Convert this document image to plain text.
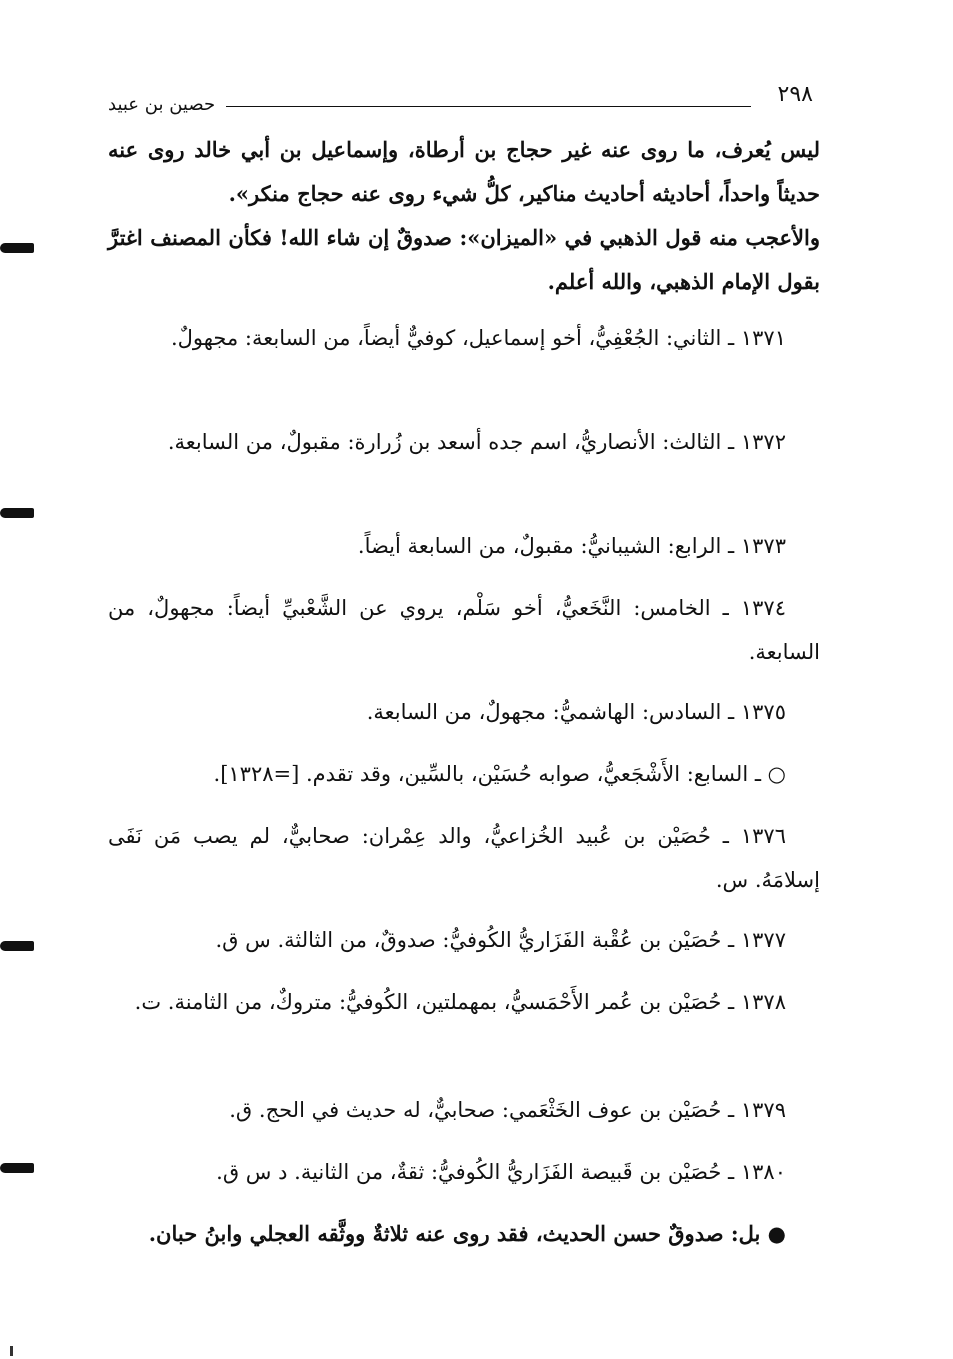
٢٩٨
حصين بن عبيد
ليس يُعرف، ما روى عنه غير حجاج بن أرطاة، وإسماعيل بن أبي خالد روى عنه حديثاً واحداً، أحاديثه أحاديث مناكير، كلُّ شيء روى عنه حجاج منكر».
والأعجب منه قول الذهبي في «الميزان»: صدوقٌ إن شاء الله! فكأن المصنف اغترَّ بقول الإمام الذهبي، والله أعلم.
١٣٧١ ـ الثاني: الجُعْفِيُّ، أخو إسماعيل، كوفيٌّ أيضاً، من السابعة: مجهولٌ.
١٣٧٢ ـ الثالث: الأنصاريُّ، اسم جده أسعد بن زُرارة: مقبولٌ، من السابعة.
١٣٧٣ ـ الرابع: الشيبانيُّ: مقبولٌ، من السابعة أيضاً.
١٣٧٤ ـ الخامس: النَّخَعيُّ، أخو سَلْم، يروي عن الشَّعْبيِّ أيضاً: مجهولٌ، من السابعة.
١٣٧٥ ـ السادس: الهاشميُّ: مجهولٌ، من السابعة.
○ ـ السابع: الأَشْجَعيُّ، صوابه حُسَيْن، بالسِّين، وقد تقدم. [=١٣٢٨].
١٣٧٦ ـ حُصَيْن بن عُبيد الخُزاعيُّ، والد عِمْران: صحابيٌّ، لم يصب مَن نَفَى إسلامَهُ. س.
١٣٧٧ ـ حُصَيْن بن عُقْبة الفَزَاريُّ الكُوفيُّ: صدوقٌ، من الثالثة. س ق.
١٣٧٨ ـ حُصَيْن بن عُمر الأَحْمَسيُّ، بمهملتين، الكُوفيُّ: متروكٌ، من الثامنة. ت.
١٣٧٩ ـ حُصَيْن بن عوف الخَثْعَمي: صحابيٌّ، له حديث في الحج. ق.
١٣٨٠ ـ حُصَيْن بن قَبيصة الفَزَاريُّ الكُوفيُّ: ثقةٌ، من الثانية. د س ق.
● بل: صدوقٌ حسن الحديث، فقد روى عنه ثلاثةٌ ووثَّقه العجلي وابنُ حبان.
